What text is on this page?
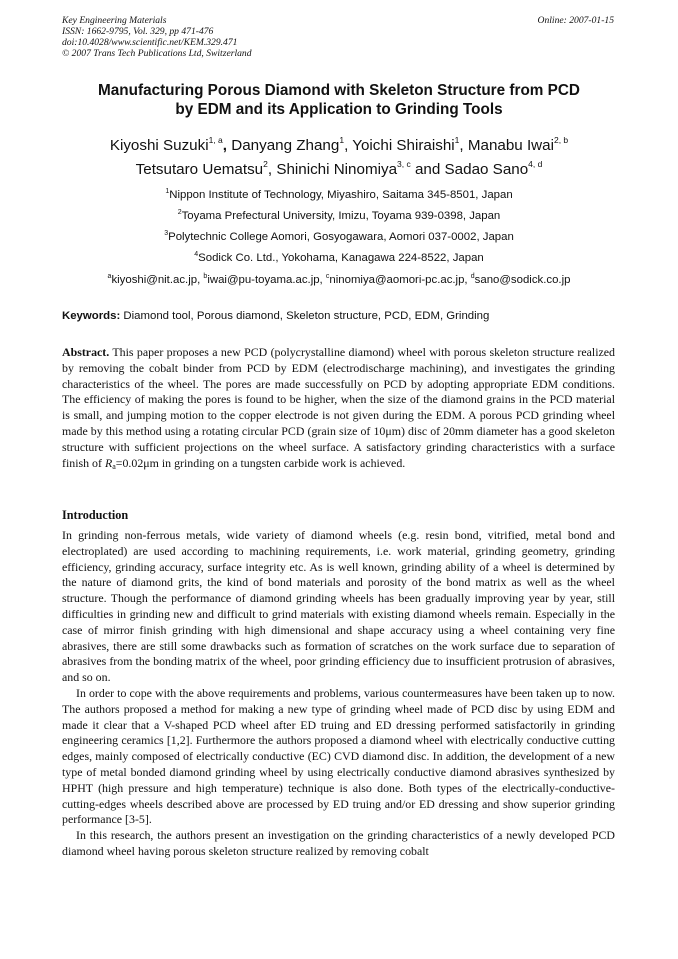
Key Engineering Materials
ISSN: 1662-9795, Vol. 329, pp 471-476
doi:10.4028/www.scientific.net/KEM.329.471
© 2007 Trans Tech Publications Ltd, Switzerland
Online: 2007-01-15
Manufacturing Porous Diamond with Skeleton Structure from PCD
by EDM and its Application to Grinding Tools
Kiyoshi Suzuki$^{1, a}$, Danyang Zhang$^1$, Yoichi Shiraishi$^1$, Manabu Iwai$^{2, b}$
Tetsutaro Uematsu$^2$, Shinichi Ninomiya$^{3, c}$ and Sadao Sano$^{4, d}$
$^1$Nippon Institute of Technology, Miyashiro, Saitama 345-8501, Japan
$^2$Toyama Prefectural University, Imizu, Toyama 939-0398, Japan
$^3$Polytechnic College Aomori, Gosyogawara, Aomori 037-0002, Japan
$^4$Sodick Co. Ltd., Yokohama, Kanagawa 224-8522, Japan
$^a$kiyoshi@nit.ac.jp, $^b$iwai@pu-toyama.ac.jp, $^c$ninomiya@aomori-pc.ac.jp, $^d$sano@sodick.co.jp
Keywords: Diamond tool, Porous diamond, Skeleton structure, PCD, EDM, Grinding

Abstract. This paper proposes a new PCD (polycrystalline diamond) wheel with porous skeleton structure realized by removing the cobalt binder from PCD by EDM (electrodischarge machining), and investigates the grinding characteristics of the wheel. The pores are made successfully on PCD by adopting appropriate EDM conditions. The efficiency of making the pores is found to be higher, when the size of the diamond grains in the PCD material is small, and jumping motion to the copper electrode is not given during the EDM. A porous PCD grinding wheel made by this method using a rotating circular PCD (grain size of 10μm) disc of 20mm diameter has a good skeleton structure with sufficient projections on the wheel surface. A satisfactory grinding characteristics with a surface finish of $R_a=0.02\mu m$ in grinding on a tungsten carbide work is achieved.

Introduction

In grinding non-ferrous metals, wide variety of diamond wheels (e.g. resin bond, vitrified, metal bond and electroplated) are used according to machining requirements, i.e. work material, grinding geometry, grinding efficiency, grinding accuracy, surface integrity etc. As is well known, grinding ability of a wheel is determined by the nature of diamond grits, the kind of bond materials and porosity of the bond matrix as well as the wheel structure. Though the performance of diamond grinding wheels has been gradually improving year by year, still difficulties in grinding new and difficult to grind materials with existing diamond wheels remain. Especially in the case of mirror finish grinding with high dimensional and shape accuracy using a wheel containing very fine abrasives, there are still some drawbacks such as formation of scratches on the work surface due to separation of abrasives from the bonding matrix of the wheel, poor grinding efficiency due to insufficient protrusion of abrasives, and so on.

In order to cope with the above requirements and problems, various countermeasures have been taken up to now. The authors proposed a method for making a new type of grinding wheel made of PCD disc by using EDM and made it clear that a V-shaped PCD wheel after ED truing and ED dressing performed satisfactorily in grinding engineering ceramics [1,2]. Furthermore the authors proposed a diamond wheel with electrically conductive cutting edges, mainly composed of electrically conductive (EC) CVD diamond disc. In addition, the development of a new type of metal bonded diamond grinding wheel by using electrically conductive diamond abrasives synthesized by HPHT (high pressure and high temperature) technique is also done. Both types of the electrically-conductive-cutting-edges wheels described above are processed by ED truing and/or ED dressing and show superior grinding performance [3-5].

In this research, the authors present an investigation on the grinding characteristics of a newly developed PCD diamond wheel having porous skeleton structure realized by removing cobalt
